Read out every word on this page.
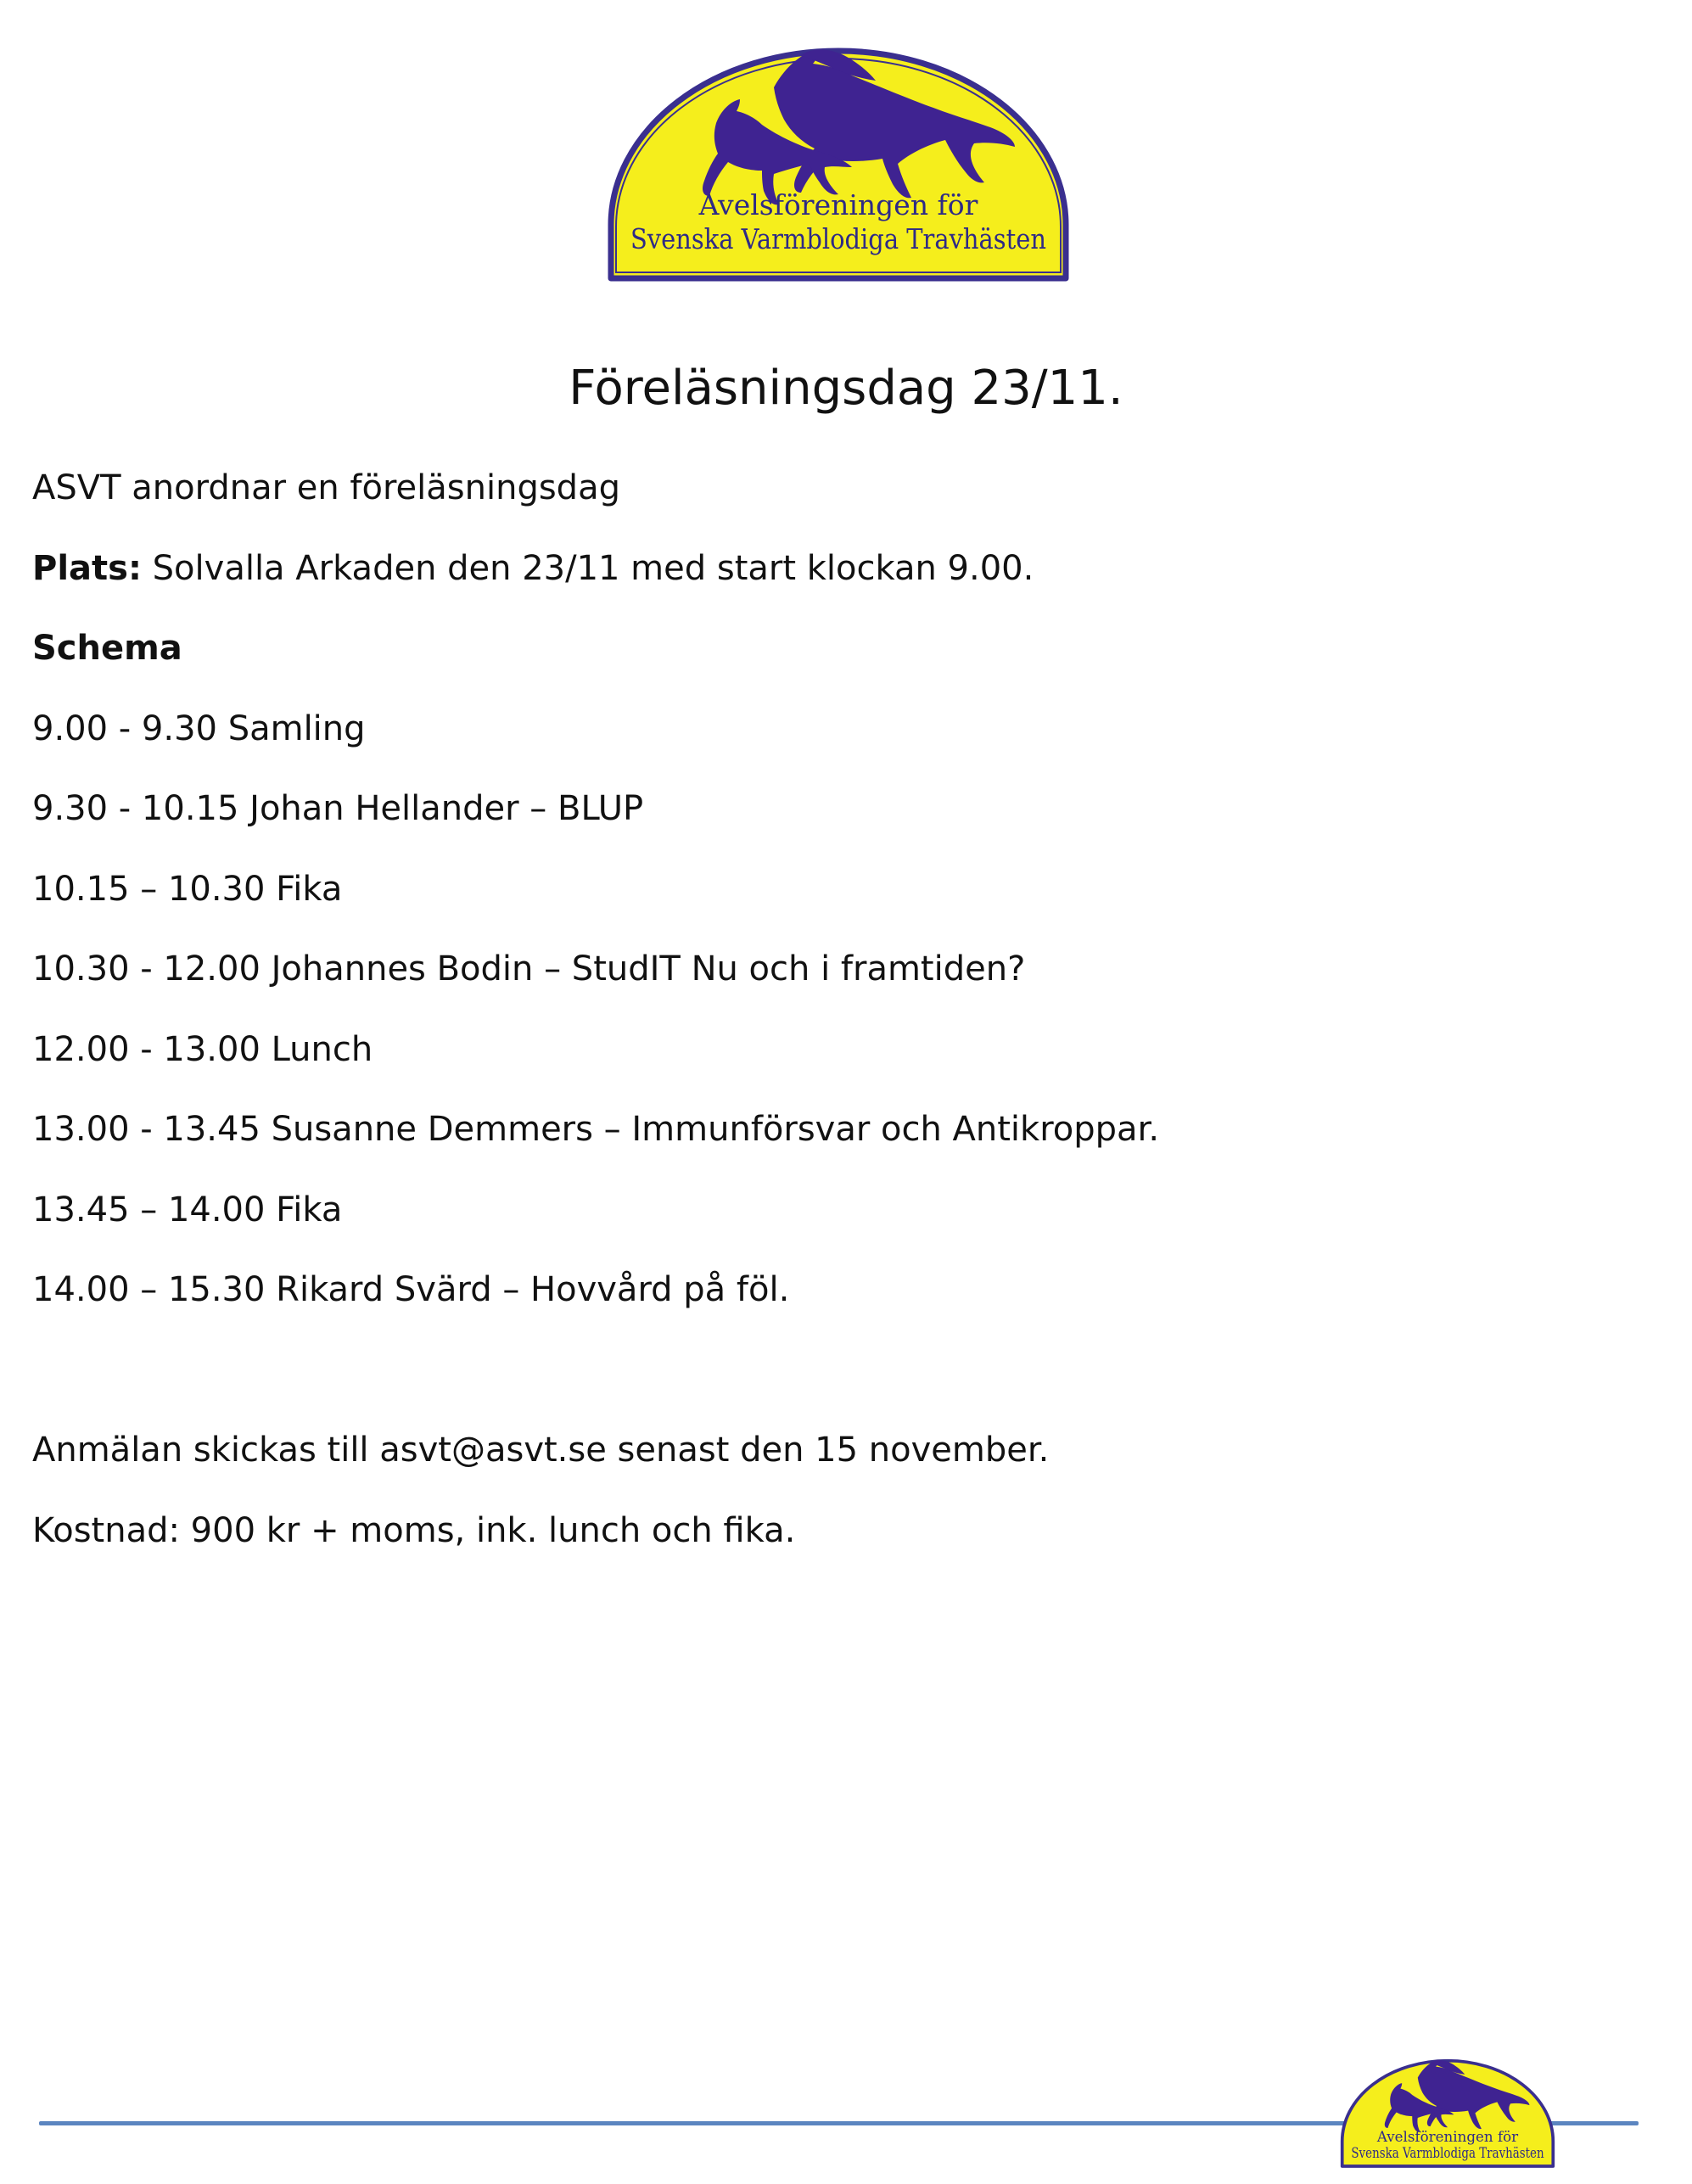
Avelsföreningen för
Svenska Varmblodiga Travhästen
Föreläsningsdag 23/11.

ASVT anordnar en föreläsningsdag

Plats: Solvalla Arkaden den 23/11 med start klockan 9.00.

Schema

9.00 - 9.30 Samling

9.30 - 10.15 Johan Hellander – BLUP

10.15 – 10.30 Fika

10.30 - 12.00 Johannes Bodin – StudIT Nu och i framtiden?

12.00 - 13.00 Lunch

13.00 - 13.45 Susanne Demmers – Immunförsvar och Antikroppar.

13.45 – 14.00 Fika

14.00 – 15.30 Rikard Svärd – Hovvård på föl.

Anmälan skickas till asvt@asvt.se senast den 15 november.

Kostnad: 900 kr + moms, ink. lunch och fika.

Avelsföreningen för
Svenska Varmblodiga Travhästen
